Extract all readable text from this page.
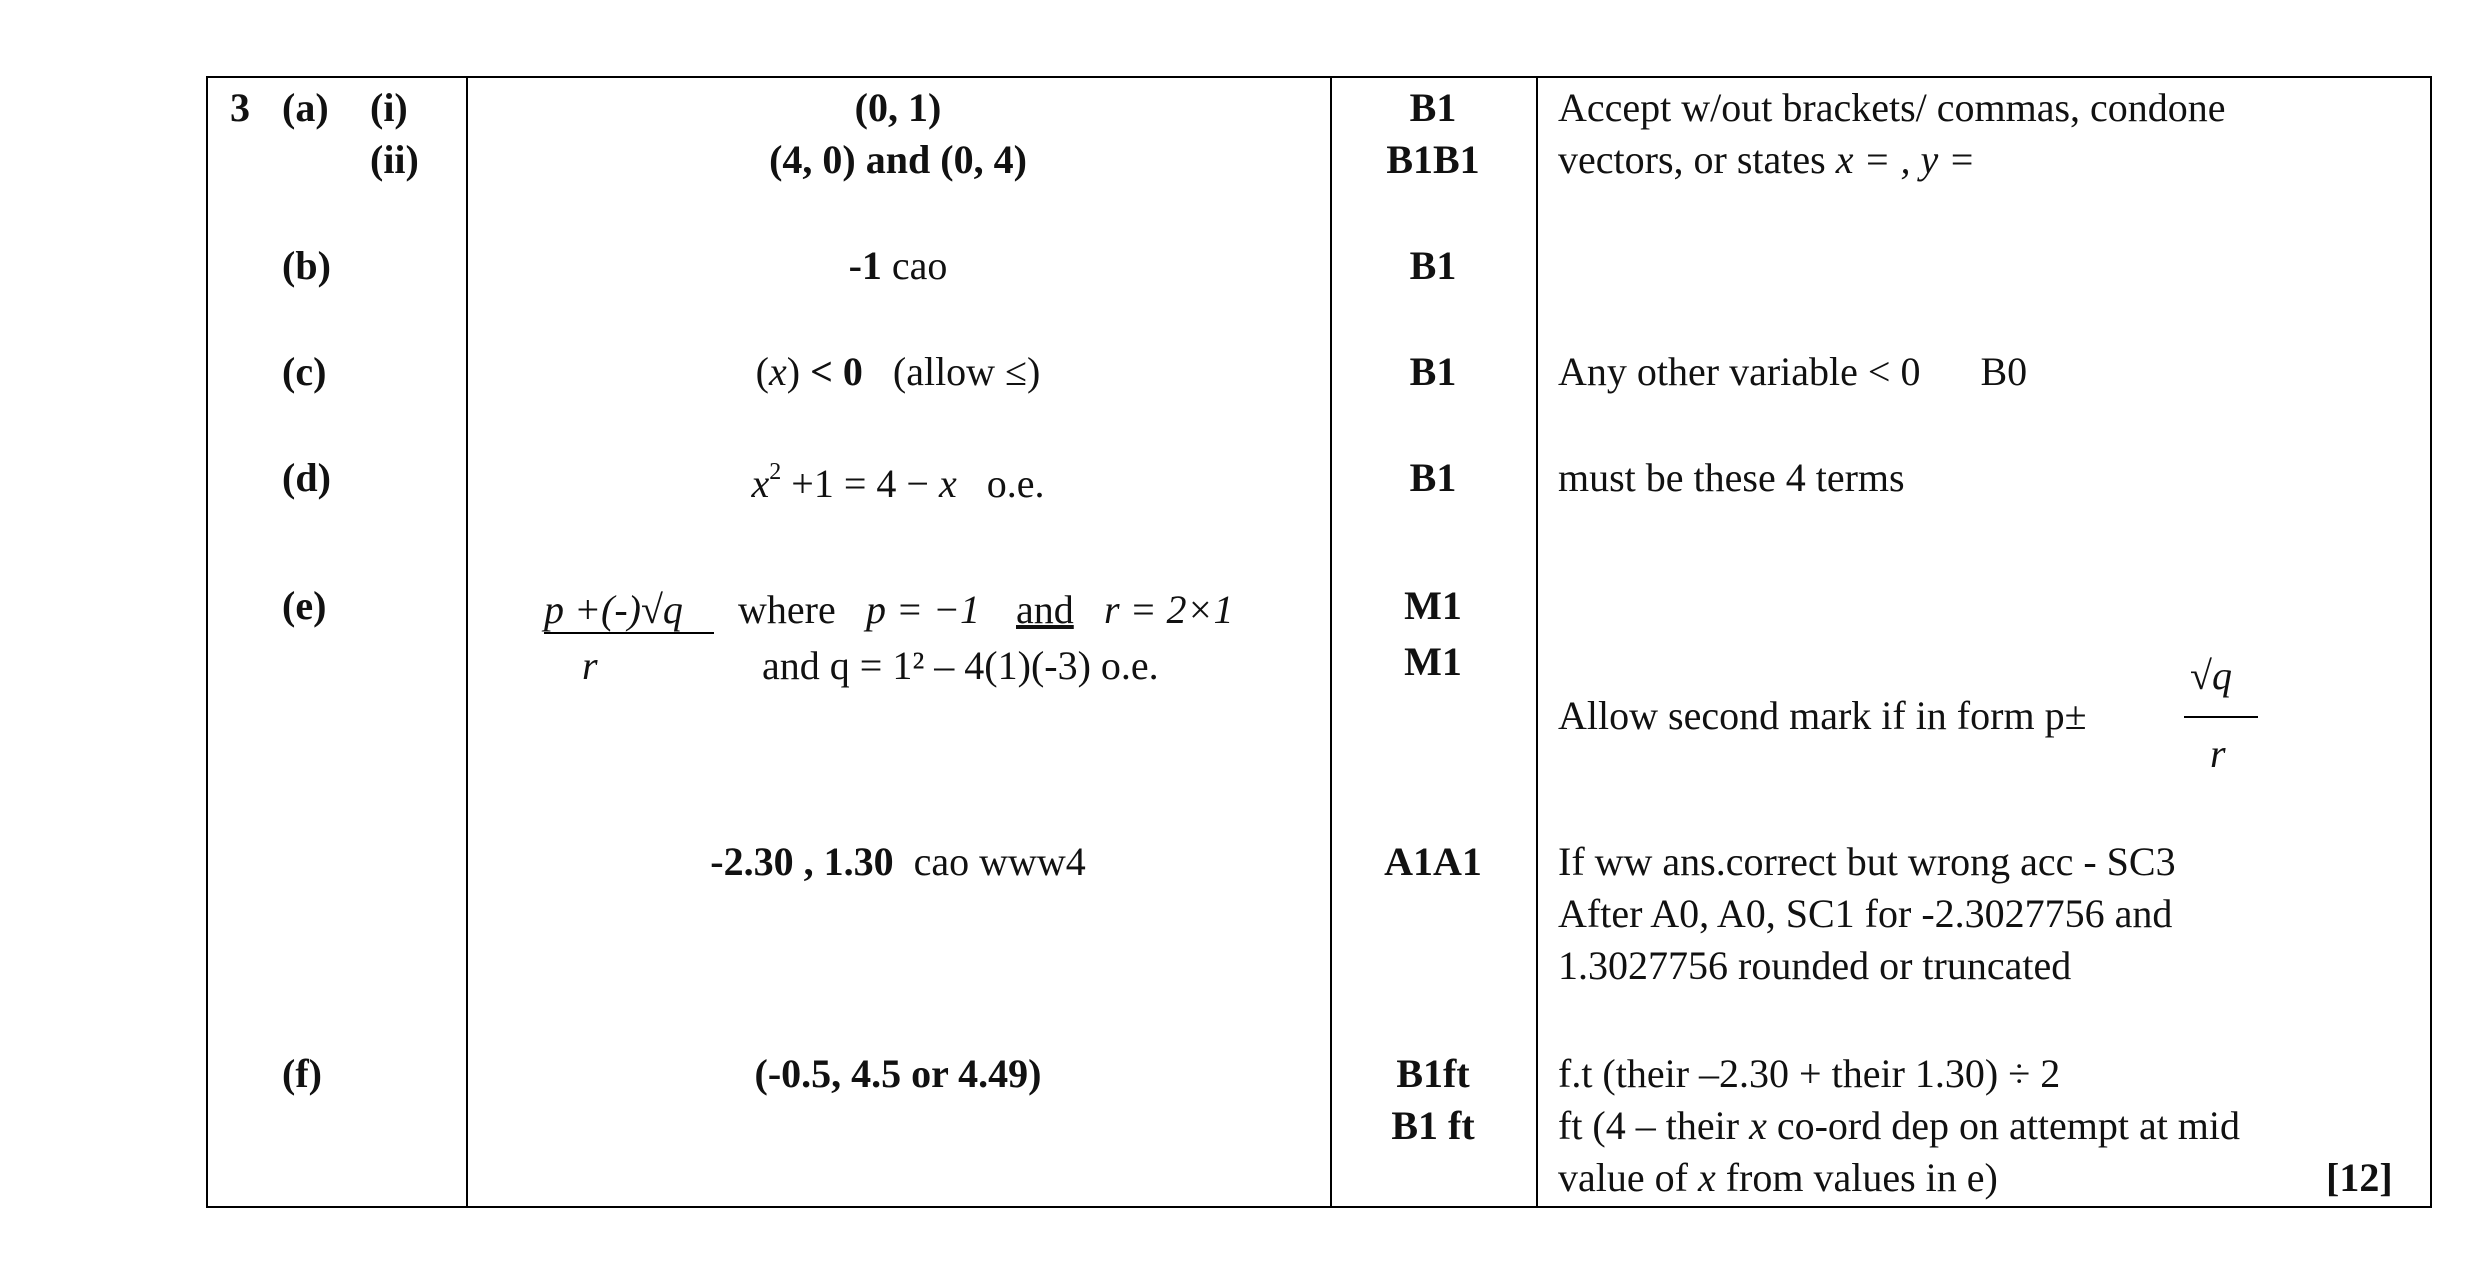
3 (a) (i)
(ii)
(b)
(c)
(d)
(e)
(f)
(0, 1)
(4, 0) and (0, 4)
-1 cao
(x) < 0 (allow ≤)
$x^2 +1 = 4 - x$ o.e.
p +(-)√q
r
where p = −1 and r = 2×1
and q = 1² – 4(1)(-3) o.e.
-2.30 , 1.30 cao www4
(-0.5, 4.5 or 4.49)
B1
B1B1
B1
B1
B1
M1
M1
A1A1
B1ft
B1 ft
Accept w/out brackets/ commas, condone
vectors, or states x = , y =
Any other variable < 0      B0
must be these 4 terms
Allow second mark if in form p±
√q
r
If ww ans.correct but wrong acc - SC3
After A0, A0, SC1 for -2.3027756 and
1.3027756 rounded or truncated
f.t (their –2.30 + their 1.30) ÷ 2
ft (4 – their x co-ord dep on attempt at mid
value of x from values in e)	[12]
